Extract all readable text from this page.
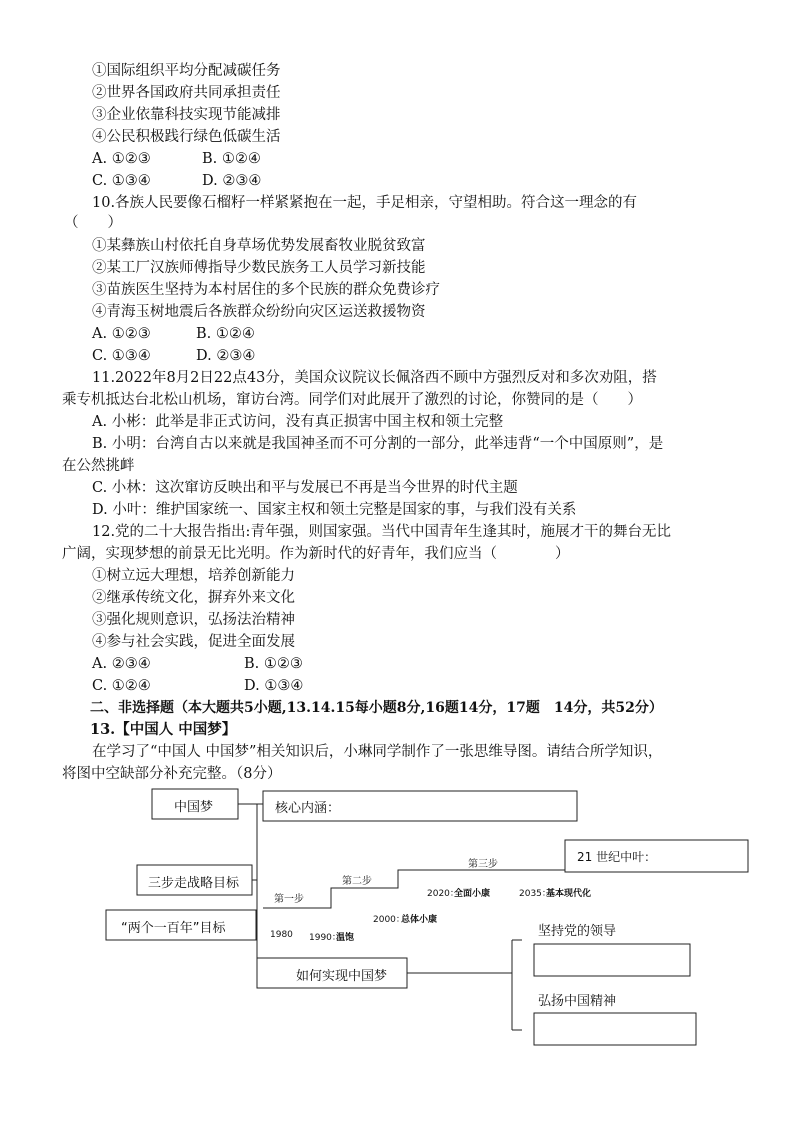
①国际组织平均分配减碳任务
②世界各国政府共同承担责任
③企业依靠科技实现节能减排
④公民积极践行绿色低碳生活
A. ①②③	B. ①②④
C. ①③④	D. ②③④
10.各族人民要像石榴籽一样紧紧抱在一起，手足相亲，守望相助。符合这一理念的有
（　　）
①某彝族山村依托自身草场优势发展畜牧业脱贫致富
②某工厂汉族师傅指导少数民族务工人员学习新技能
③苗族医生坚持为本村居住的多个民族的群众免费诊疗
④青海玉树地震后各族群众纷纷向灾区运送救援物资
A. ①②③	B. ①②④
C. ①③④	D. ②③④
11.2022年8月2日22点43分，美国众议院议长佩洛西不顾中方强烈反对和多次劝阻，搭
乘专机抵达台北松山机场，窜访台湾。同学们对此展开了激烈的讨论，你赞同的是（　　）
A. 小彬：此举是非正式访问，没有真正损害中国主权和领土完整
B. 小明：台湾自古以来就是我国神圣而不可分割的一部分，此举违背“一个中国原则”，是
在公然挑衅
C. 小林：这次窜访反映出和平与发展已不再是当今世界的时代主题
D. 小叶：维护国家统一、国家主权和领土完整是国家的事，与我们没有关系
12.党的二十大报告指出:青年强，则国家强。当代中国青年生逢其时，施展才干的舞台无比
广阔，实现梦想的前景无比光明。作为新时代的好青年，我们应当（　　　　）
①树立远大理想，培养创新能力
②继承传统文化，摒弃外来文化
③强化规则意识，弘扬法治精神
④参与社会实践，促进全面发展
A. ②③④	B. ①②③
C. ①②④	D. ①③④
二、非选择题（本大题共5小题,13.14.15每小题8分,16题14分，17题　14分，共52分）
13.【中国人 中国梦】
在学习了“中国人 中国梦”相关知识后，小琳同学制作了一张思维导图。请结合所学知识，
将图中空缺部分补充完整。（8分）
中国梦	核心内涵：
三步走战略目标
“两个一百年”目标
如何实现中国梦
21 世纪中叶：
第一步
第二步
第三步
1980 1990：
温饱
2000：
总体小康
2020：
全面小康	2035：
基本现代化
坚持党的领导
弘扬中国精神
